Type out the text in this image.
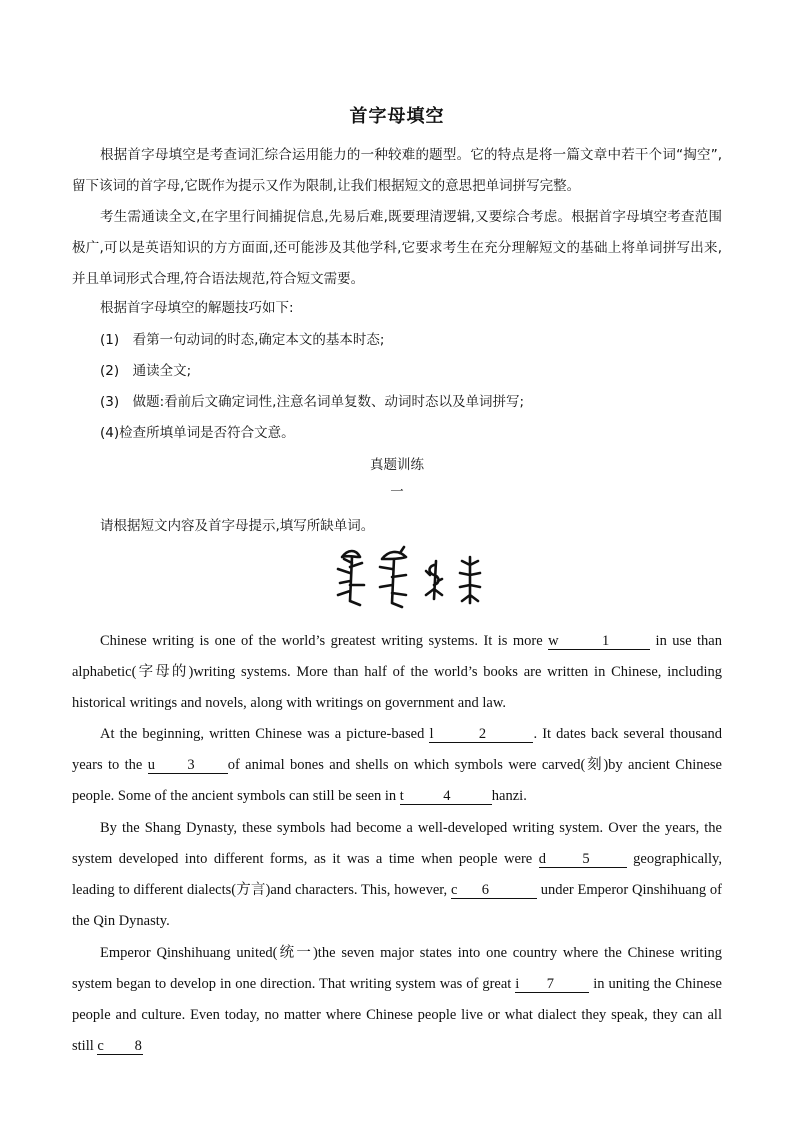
首字母填空

根据首字母填空是考查词汇综合运用能力的一种较难的题型。它的特点是将一篇文章中若干个词“掏空”,留下该词的首字母,它既作为提示又作为限制,让我们根据短文的意思把单词拼写完整。

考生需通读全文,在字里行间捕捉信息,先易后难,既要理清逻辑,又要综合考虑。根据首字母填空考查范围极广,可以是英语知识的方方面面,还可能涉及其他学科,它要求考生在充分理解短文的基础上将单词拼写出来,并且单词形式合理,符合语法规范,符合短文需要。

根据首字母填空的解题技巧如下:

(1)　看第一句动词的时态,确定本文的基本时态;

(2)　通读全文;

(3)　做题:看前后文确定词性,注意名词单复数、动词时态以及单词拼写;

(4)检查所填单词是否符合文意。

真题训练

一

请根据短文内容及首字母提示,填写所缺单词。

Chinese writing is one of the world’s greatest writing systems. It is more w	1	in use than alphabetic(字母的)writing systems. More than half of the world’s books are written in Chinese, including historical writings and novels, along with writings on government and law.

At the beginning, written Chinese was a picture-based l	2	. It dates back several thousand years to the u 3 of animal bones and shells on which symbols were carved(刻)by ancient Chinese people. Some of the ancient symbols can still be seen in t	4	hanzi.

By the Shang Dynasty, these symbols had become a well-developed writing system. Over the years, the system developed into different forms, as it was a time when people were d	5	geographically, leading to different dialects(方言)and characters. This, however, c 6	under Emperor Qinshihuang of the Qin Dynasty.

Emperor Qinshihuang united(统一)the seven major states into one country where the Chinese writing system began to develop in one direction. That writing system was of great i 7 in uniting the Chinese people and culture. Even today, no matter where Chinese people live or what dialect they speak, they can all still c 8
